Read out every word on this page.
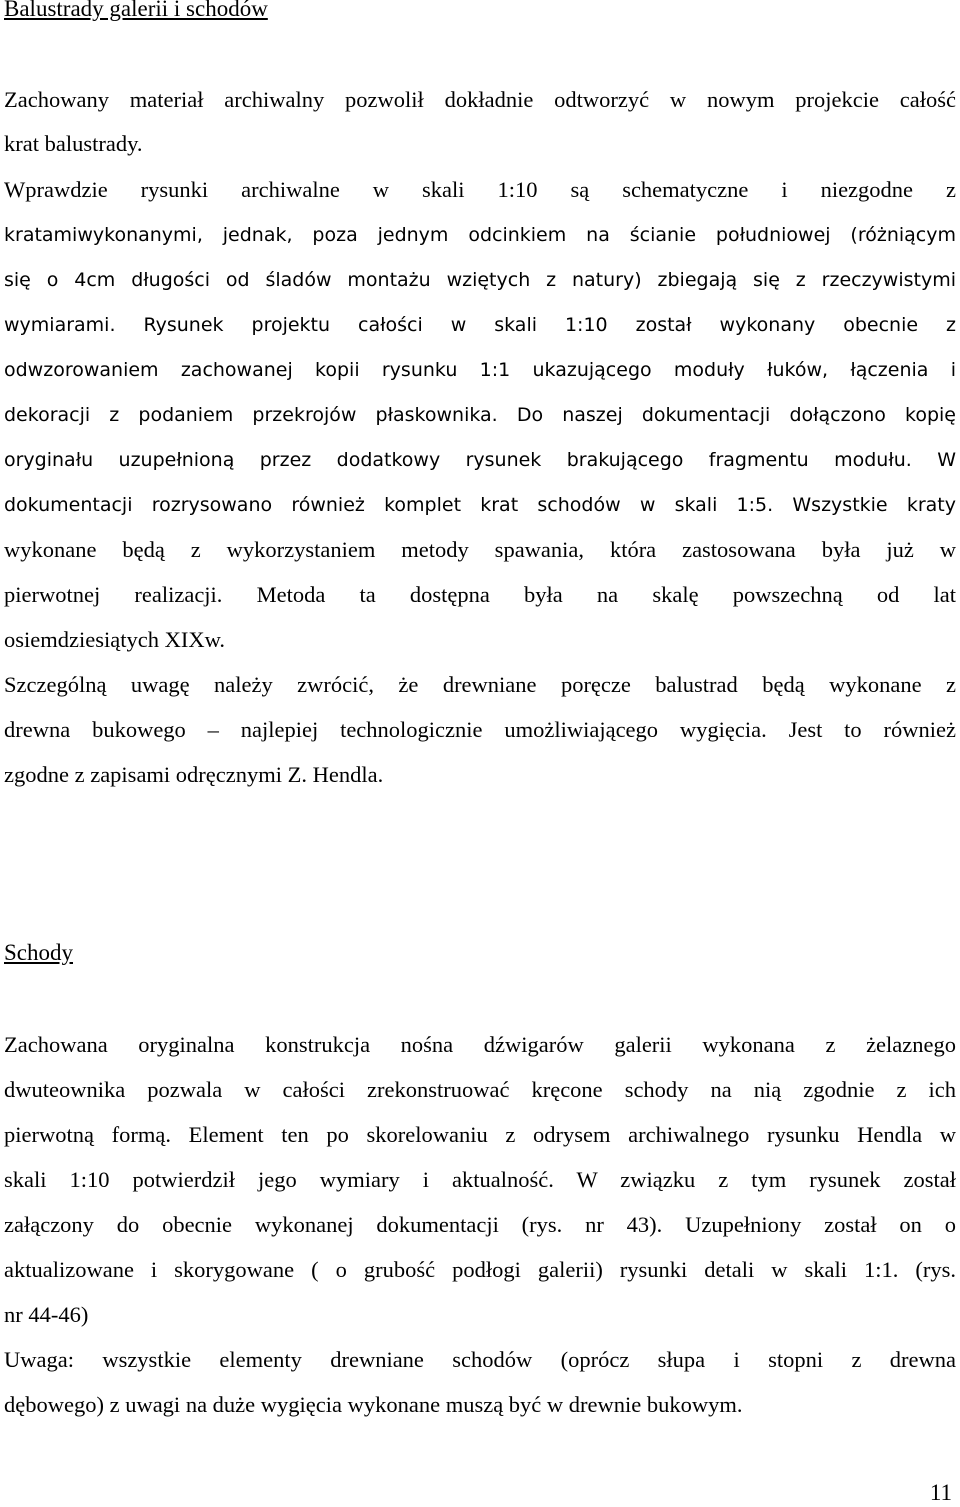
Balustrady galerii i schodów
Zachowany materiał archiwalny pozwolił dokładnie odtworzyć w nowym projekcie całość
krat balustrady.
Wprawdzie rysunki archiwalne w skali 1:10 są schematyczne i niezgodne z
kratamiwykonanymi, jednak, poza jednym odcinkiem na ścianie południowej (różniącym
się o 4cm długości od śladów montażu wziętych z natury) zbiegają się z rzeczywistymi
wymiarami. Rysunek projektu całości w skali 1:10 został wykonany obecnie z
odwzorowaniem zachowanej kopii rysunku 1:1 ukazującego moduły łuków, łączenia i
dekoracji z podaniem przekrojów płaskownika. Do naszej dokumentacji dołączono kopię
oryginału uzupełnioną przez dodatkowy rysunek brakującego fragmentu modułu. W
dokumentacji rozrysowano również komplet krat schodów w skali 1:5. Wszystkie kraty
wykonane będą z wykorzystaniem metody spawania, która zastosowana była już w
pierwotnej realizacji. Metoda ta dostępna była na skalę powszechną od lat
osiemdziesiątych XIXw.
Szczególną uwagę należy zwrócić, że drewniane poręcze balustrad będą wykonane z
drewna bukowego – najlepiej technologicznie umożliwiającego wygięcia. Jest to również
zgodne z zapisami odręcznymi Z. Hendla.
Schody
Zachowana oryginalna konstrukcja nośna dźwigarów galerii wykonana z żelaznego
dwuteownika pozwala w całości zrekonstruować kręcone schody na nią zgodnie z ich
pierwotną formą. Element ten po skorelowaniu z odrysem archiwalnego rysunku Hendla w
skali 1:10 potwierdził jego wymiary i aktualność. W związku z tym rysunek został
załączony do obecnie wykonanej dokumentacji (rys. nr 43). Uzupełniony został on o
aktualizowane i skorygowane ( o grubość podłogi galerii) rysunki detali w skali 1:1. (rys.
nr 44-46)
Uwaga: wszystkie elementy drewniane schodów (oprócz słupa i stopni z drewna
dębowego) z uwagi na duże wygięcia wykonane muszą być w drewnie bukowym.
11
